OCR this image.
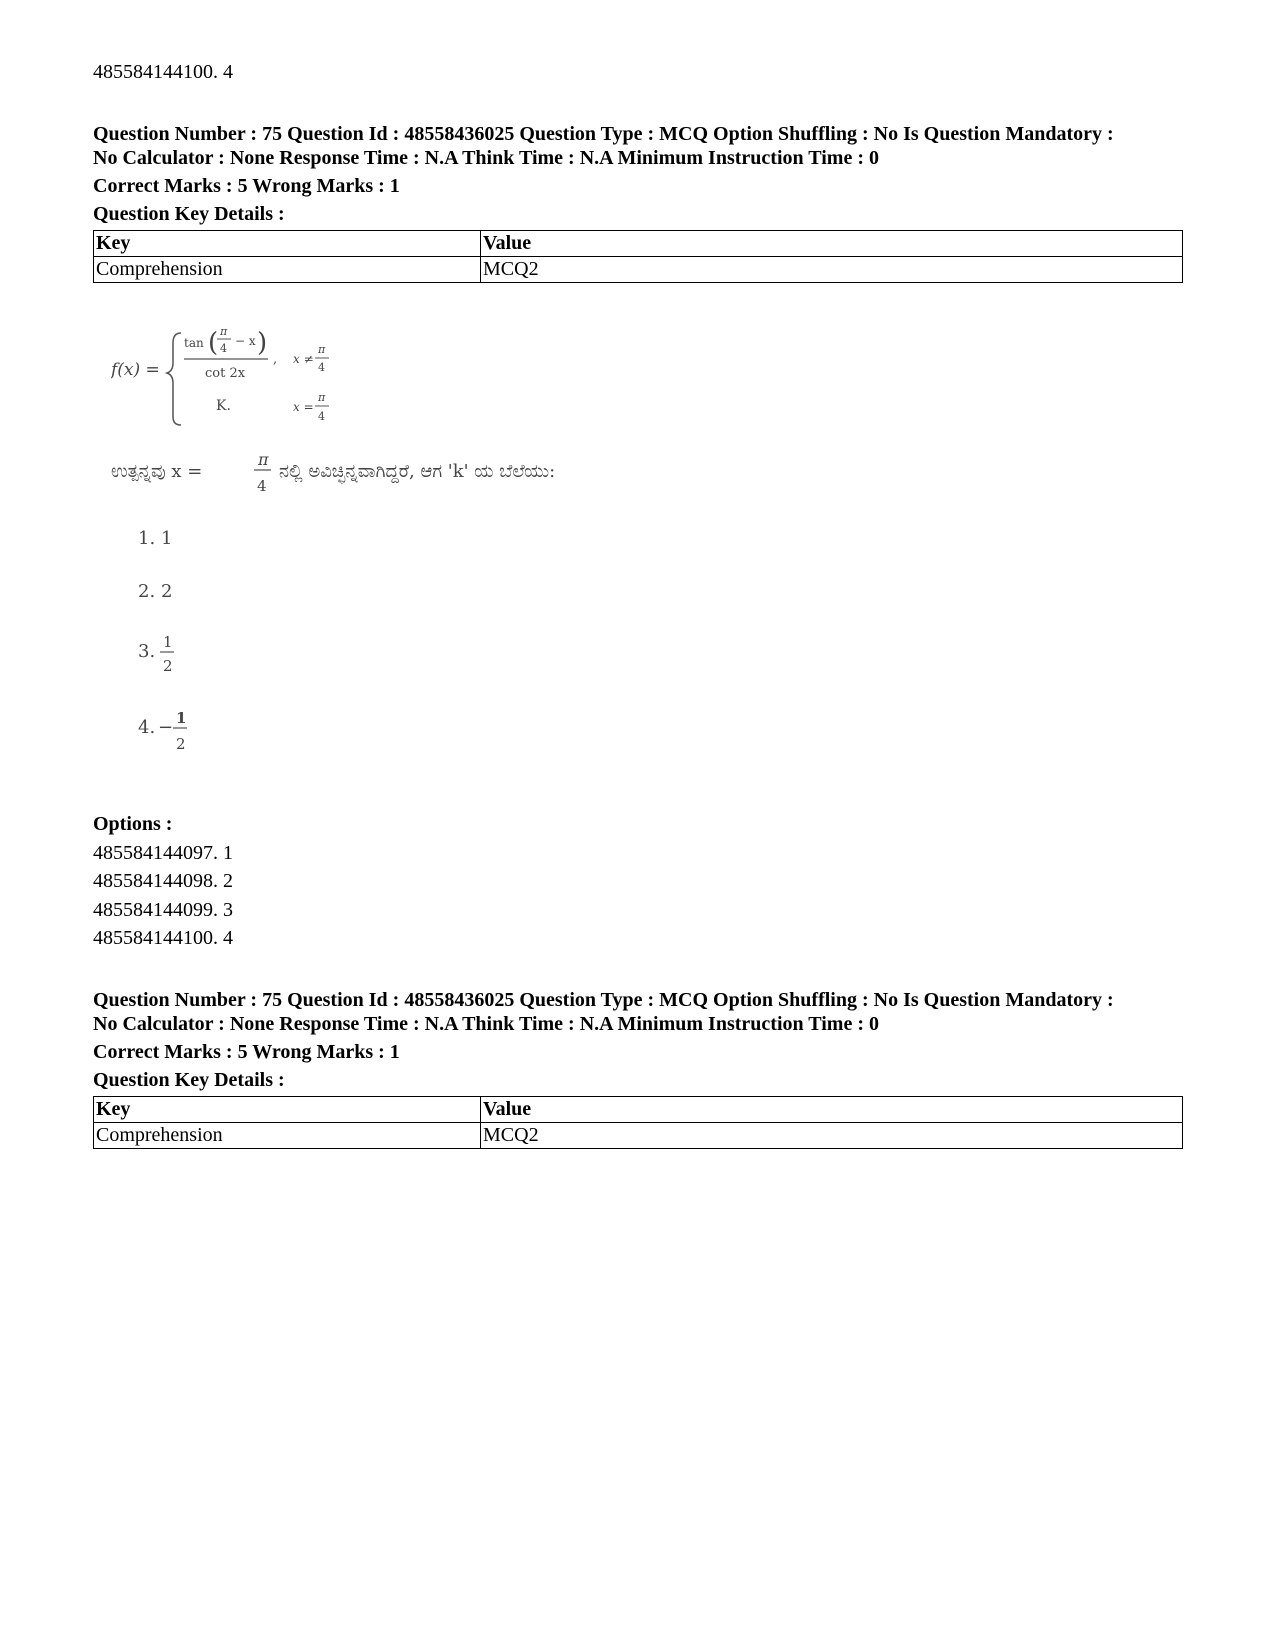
485584144100. 4
Question Number : 75 Question Id : 48558436025 Question Type : MCQ Option Shuffling : No Is Question Mandatory :
No Calculator : None Response Time : N.A Think Time : N.A Minimum Instruction Time : 0
Correct Marks : 5 Wrong Marks : 1
Question Key Details :
Key	Value
Comprehension	MCQ2
f(x) =
tan ( π
4
− x )
cot 2x
, x ≠
π
4
K.	x =
π
4
ಉತ್ಪನ್ನವು x =
π
4
ನಲ್ಲಿ ಅವಿಚ್ಛಿನ್ನವಾಗಿದ್ದರೆ, ಆಗ 'k' ಯ ಬೆಲೆಯು:
1. 1
2. 2
3. 1
2
4. − 1
2
Options :
485584144097. 1
485584144098. 2
485584144099. 3
485584144100. 4
Question Number : 75 Question Id : 48558436025 Question Type : MCQ Option Shuffling : No Is Question Mandatory :
No Calculator : None Response Time : N.A Think Time : N.A Minimum Instruction Time : 0
Correct Marks : 5 Wrong Marks : 1
Question Key Details :
Key	Value
Comprehension	MCQ2
